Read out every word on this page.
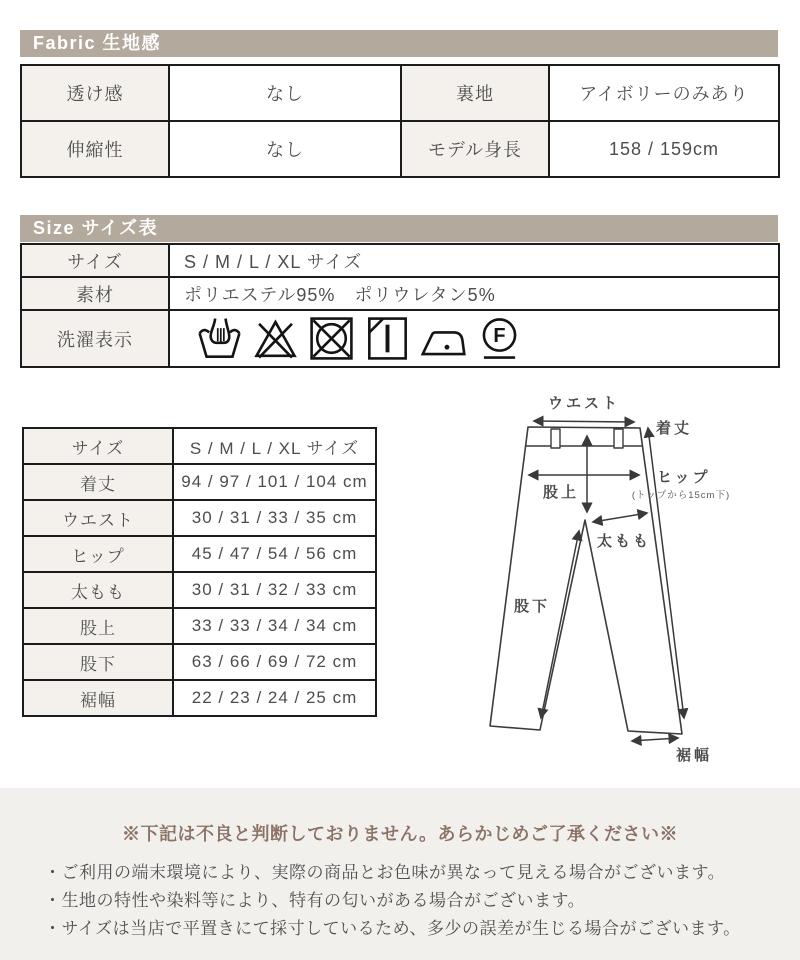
Fabric 生地感
透け感	なし	裏地	アイボリーのみあり
伸縮性	なし	モデル身長	158 / 159cm
Size サイズ表
サイズ	S / M / L / XL サイズ
素材	ポリエステル95%　ポリウレタン5%
洗濯表示	F
サイズ	S / M / L / XL サイズ
着丈	94 / 97 / 101 / 104 cm
ウエスト	30 / 31 / 33 / 35 cm
ヒップ	45 / 47 / 54 / 56 cm
太もも	30 / 31 / 32 / 33 cm
股上	33 / 33 / 34 / 34 cm
股下	63 / 66 / 69 / 72 cm
裾幅	22 / 23 / 24 / 25 cm
ウエスト
着丈
ヒップ
(トップから15cm下)
股上
太もも
股下
裾幅
※下記は不良と判断しておりません。あらかじめご了承ください※
・ご利用の端末環境により、実際の商品とお色味が異なって見える場合がございます。
・生地の特性や染料等により、特有の匂いがある場合がございます。
・サイズは当店で平置きにて採寸しているため、多少の誤差が生じる場合がございます。
